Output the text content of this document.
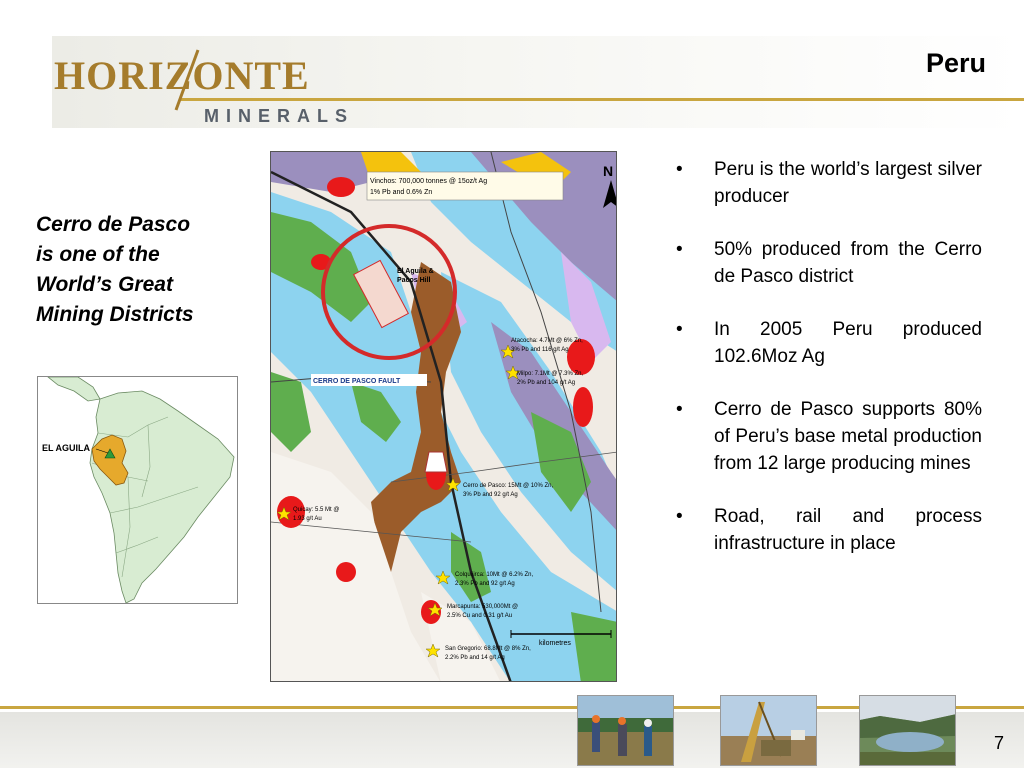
HORIZONTE
MINERALS
Peru
Cerro de Pasco
is one of the
World’s Great
Mining Districts
EL AGUILA
N
Vinchos: 700,000 tonnes @ 15oz/t Ag
1% Pb and 0.6% Zn
El Aguila &
Pacos Hill
Atacocha: 4.7Mt @ 6% Zn,
3% Pb and 116 g/t Ag
Milpo: 7.1Mt @ 7.3% Zn,
2% Pb and 104 g/t Ag
CERRO DE PASCO FAULT
Cerro de Pasco: 15Mt @ 10% Zn,
3% Pb and 92 g/t Ag
Quicay: 5.5 Mt @
1.93 g/t Au
Colquijirca: 10Mt @ 6.2% Zn,
2.3% Pb and 92 g/t Ag
Marcapunta: 530,000Mt @
2.5% Cu and 0.31 g/t Au
kilometres
San Gregorio: 68.8Mt @ 8% Zn,
2.2% Pb and 14 g/t Ag
• Peru is the world’s largest silver producer
• 50% produced from the Cerro de Pasco district
• In 2005 Peru produced 102.6Moz Ag
• Cerro de Pasco supports 80% of Peru’s base metal production from 12 large producing mines
• Road, rail and process infrastructure in place
7
